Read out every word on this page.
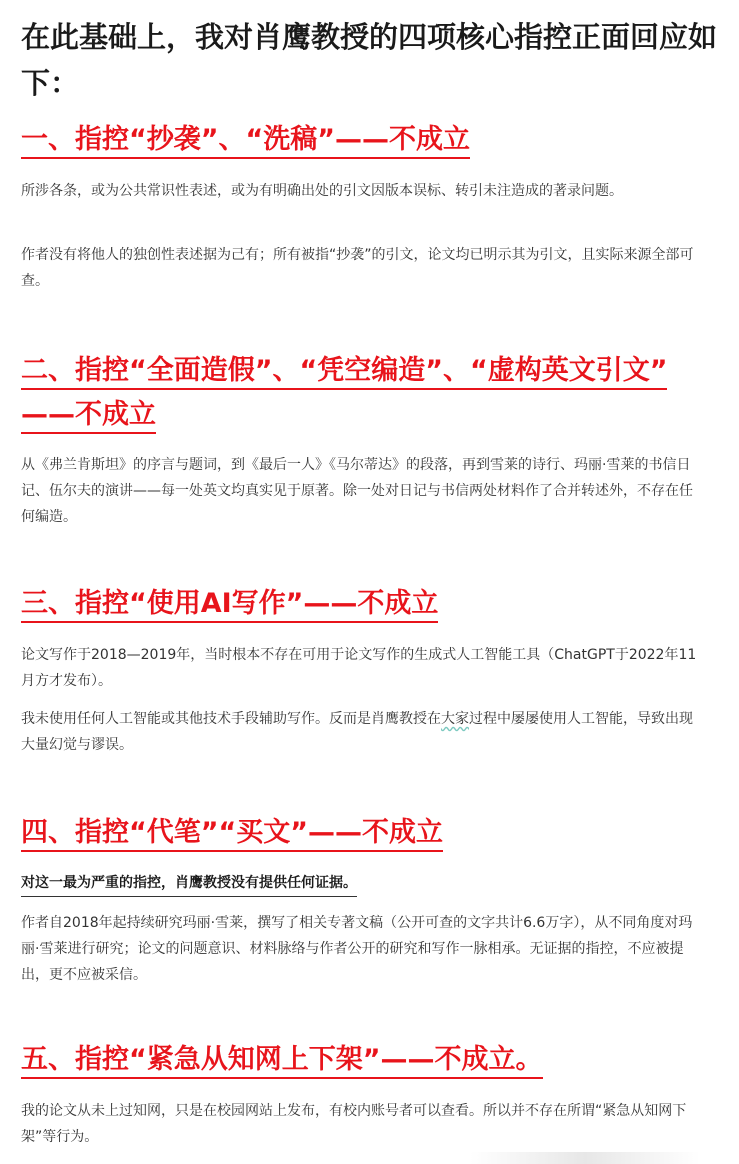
在此基础上，我对肖鹰教授的四项核心指控正面回应如下：
一、指控“抄袭”、“洗稿”——不成立

所涉各条，或为公共常识性表述，或为有明确出处的引文因版本误标、转引未注造成的著录问题。

作者没有将他人的独创性表述据为己有；所有被指“抄袭”的引文，论文均已明示其为引文，且实际来源全部可查。

二、指控“全面造假”、“凭空编造”、“虚构英文引文”
——不成立

从《弗兰肯斯坦》的序言与题词，到《最后一人》《马尔蒂达》的段落，再到雪莱的诗行、玛丽·雪莱的书信日记、伍尔夫的演讲——每一处英文均真实见于原著。除一处对日记与书信两处材料作了合并转述外，不存在任何编造。

三、指控“使用AI写作”——不成立

论文写作于2018—2019年，当时根本不存在可用于论文写作的生成式人工智能工具（ChatGPT于2022年11月方才发布）。

我未使用任何人工智能或其他技术手段辅助写作。反而是肖鹰教授在大家过程中屡屡使用人工智能，导致出现大量幻觉与谬误。

四、指控“代笔”“买文”——不成立

对这一最为严重的指控，肖鹰教授没有提供任何证据。

作者自2018年起持续研究玛丽·雪莱，撰写了相关专著文稿（公开可查的文字共计6.6万字），从不同角度对玛丽·雪莱进行研究；论文的问题意识、材料脉络与作者公开的研究和写作一脉相承。无证据的指控，不应被提出，更不应被采信。

五、指控“紧急从知网上下架”——不成立。

我的论文从未上过知网，只是在校园网站上发布，有校内账号者可以查看。所以并不存在所谓“紧急从知网下架”等行为。
